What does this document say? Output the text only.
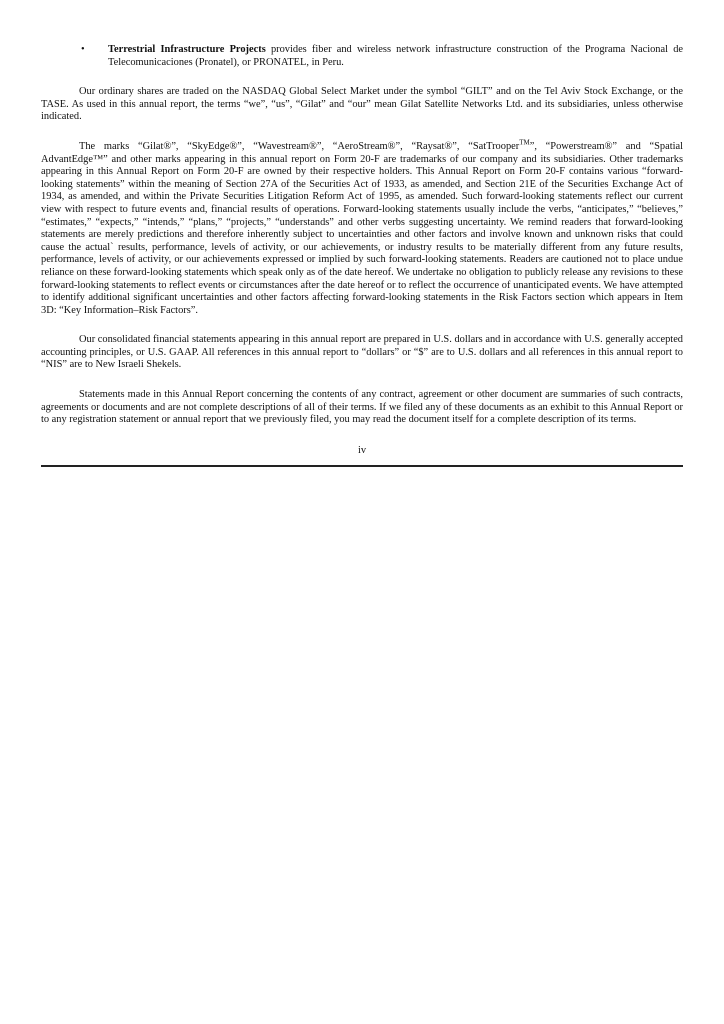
•	Terrestrial Infrastructure Projects provides fiber and wireless network infrastructure construction of the Programa Nacional de Telecomunicaciones (Pronatel), or PRONATEL, in Peru.

Our ordinary shares are traded on the NASDAQ Global Select Market under the symbol “GILT” and on the Tel Aviv Stock Exchange, or the TASE. As used in this annual report, the terms “we”, “us”, “Gilat” and “our” mean Gilat Satellite Networks Ltd. and its subsidiaries, unless otherwise indicated.

The marks “Gilat®”, “SkyEdge®”, “Wavestream®”, “AeroStream®”, “Raysat®”, “SatTrooper™”, “Powerstream®” and “Spatial AdvantEdge™” and other marks appearing in this annual report on Form 20-F are trademarks of our company and its subsidiaries. Other trademarks appearing in this Annual Report on Form 20-F are owned by their respective holders. This Annual Report on Form 20-F contains various “forward-looking statements” within the meaning of Section 27A of the Securities Act of 1933, as amended, and Section 21E of the Securities Exchange Act of 1934, as amended, and within the Private Securities Litigation Reform Act of 1995, as amended. Such forward-looking statements reflect our current view with respect to future events and, financial results of operations. Forward-looking statements usually include the verbs, “anticipates,” “believes,” “estimates,” “expects,” “intends,” “plans,” “projects,” “understands” and other verbs suggesting uncertainty. We remind readers that forward-looking statements are merely predictions and therefore inherently subject to uncertainties and other factors and involve known and unknown risks that could cause the actual` results, performance, levels of activity, or our achievements, or industry results to be materially different from any future results, performance, levels of activity, or our achievements expressed or implied by such forward-looking statements. Readers are cautioned not to place undue reliance on these forward-looking statements which speak only as of the date hereof. We undertake no obligation to publicly release any revisions to these forward-looking statements to reflect events or circumstances after the date hereof or to reflect the occurrence of unanticipated events. We have attempted to identify additional significant uncertainties and other factors affecting forward-looking statements in the Risk Factors section which appears in Item 3D: “Key Information–Risk Factors”.

Our consolidated financial statements appearing in this annual report are prepared in U.S. dollars and in accordance with U.S. generally accepted accounting principles, or U.S. GAAP. All references in this annual report to “dollars” or “$” are to U.S. dollars and all references in this annual report to “NIS” are to New Israeli Shekels.

Statements made in this Annual Report concerning the contents of any contract, agreement or other document are summaries of such contracts, agreements or documents and are not complete descriptions of all of their terms. If we filed any of these documents as an exhibit to this Annual Report or to any registration statement or annual report that we previously filed, you may read the document itself for a complete description of its terms.

iv
